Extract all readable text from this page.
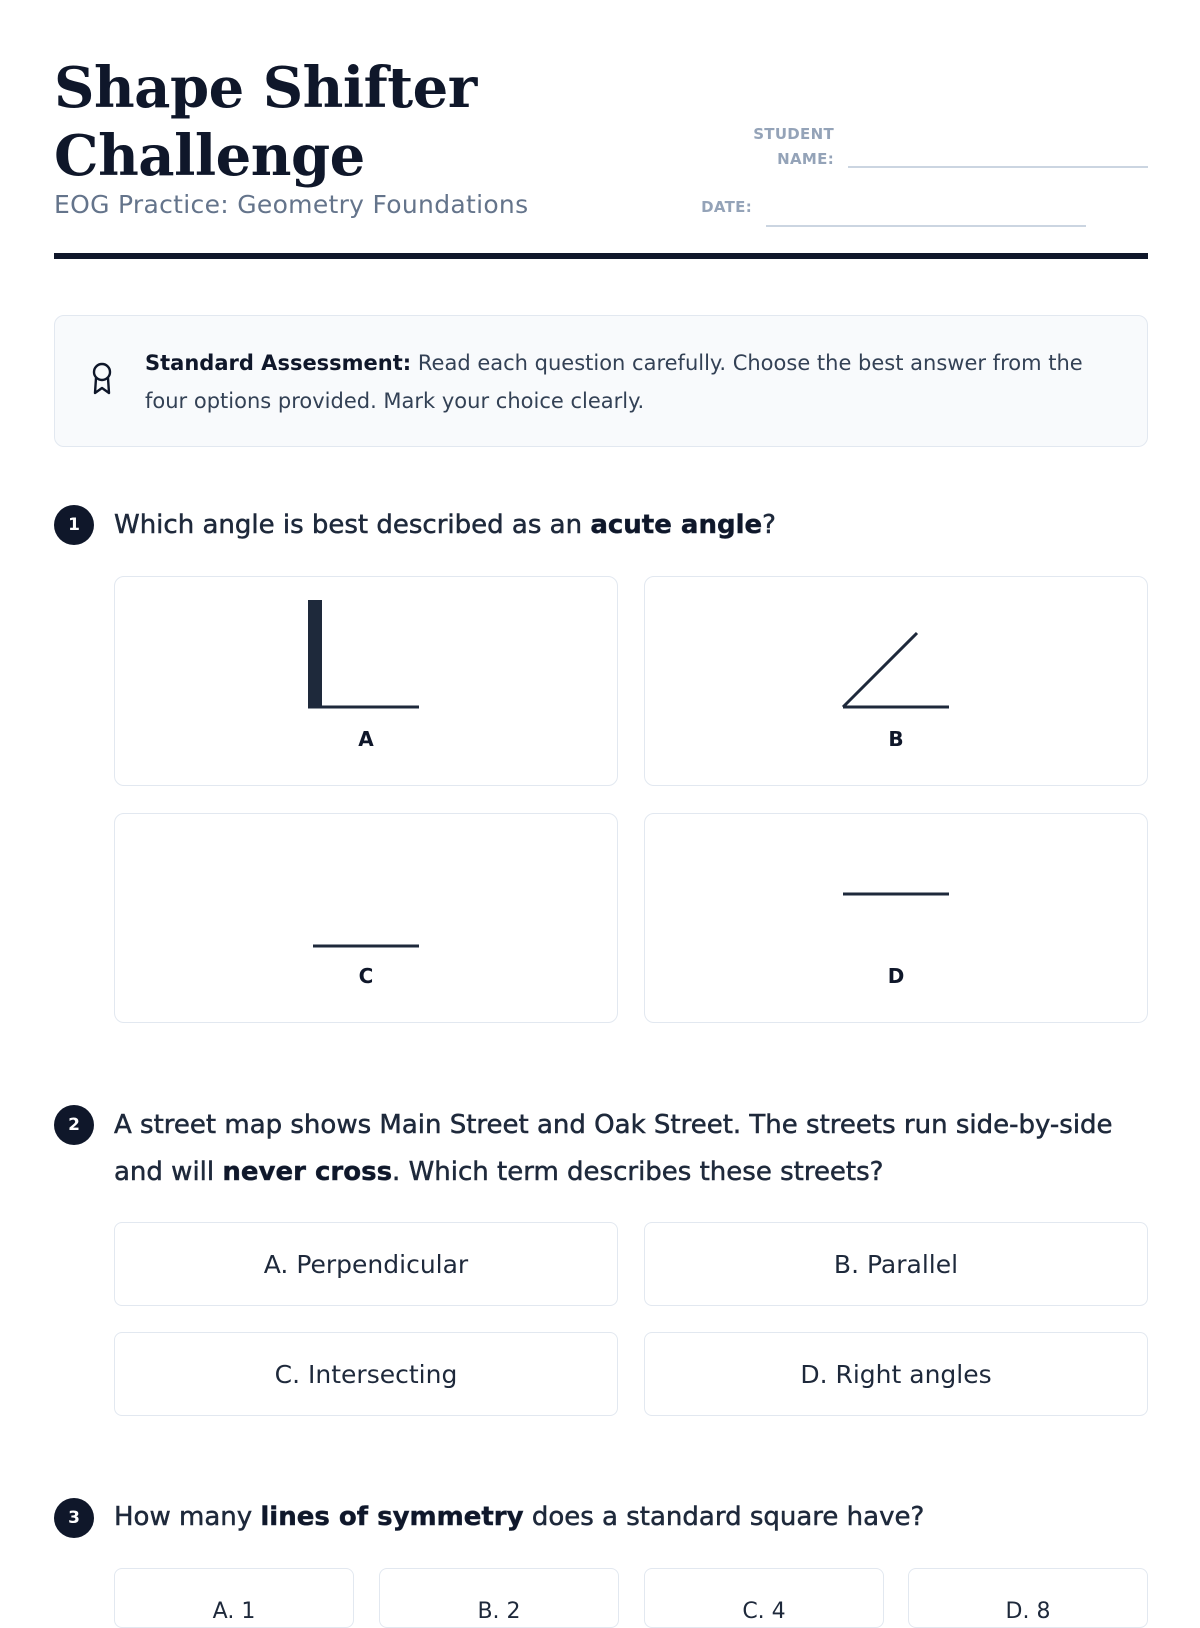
Shape Shifter Challenge
EOG Practice: Geometry Foundations
STUDENT
NAME:
DATE:
Standard Assessment: Read each question carefully. Choose the best answer from the four options provided. Mark your choice clearly.
1	Which angle is best described as an acute angle?
A	B
C	D
2	A street map shows Main Street and Oak Street. The streets run side-by-side and will never cross. Which term describes these streets?
A. Perpendicular	B. Parallel
C. Intersecting	D. Right angles
3	How many lines of symmetry does a standard square have?
A. 1	B. 2	C. 4	D. 8
